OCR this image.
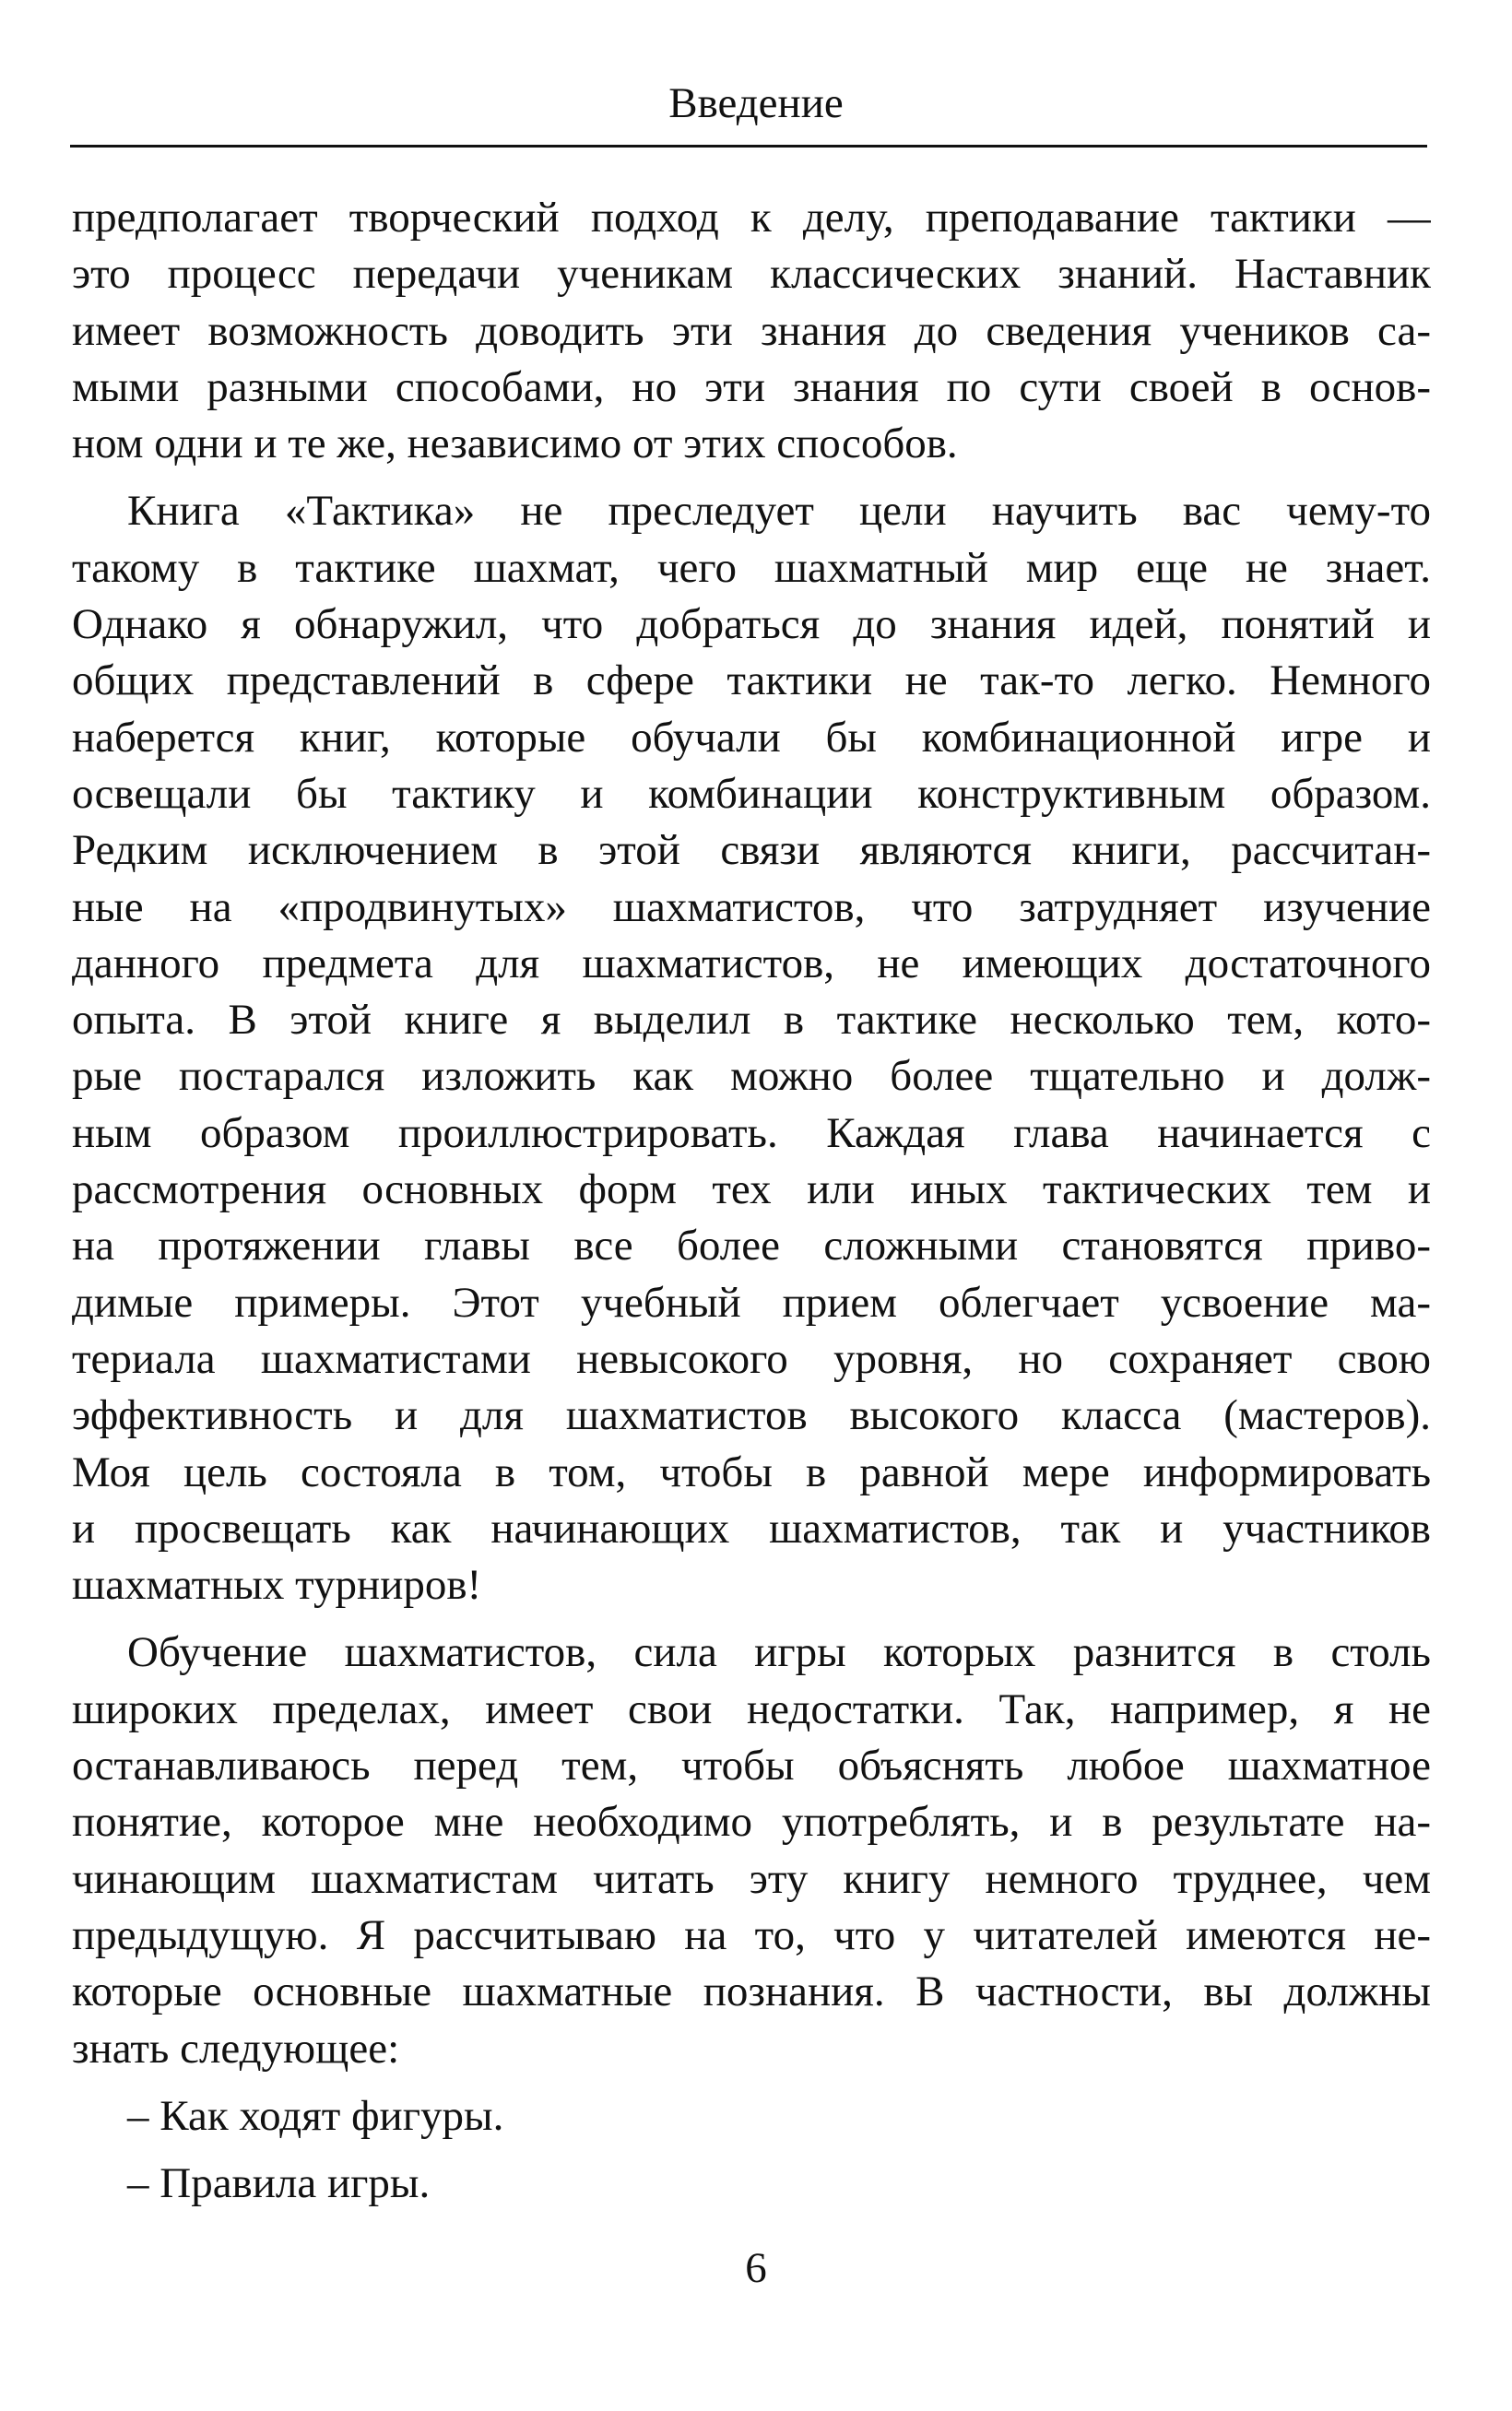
Введение
предполагает творческий подход к делу, преподавание тактики —
это процесс передачи ученикам классических знаний. Наставник
имеет возможность доводить эти знания до сведения учеников са-
мыми разными способами, но эти знания по сути своей в основ-
ном одни и те же, независимо от этих способов.
Книга «Тактика» не преследует цели научить вас чему-то
такому в тактике шахмат, чего шахматный мир еще не знает.
Однако я обнаружил, что добраться до знания идей, понятий и
общих представлений в сфере тактики не так-то легко. Немного
наберется книг, которые обучали бы комбинационной игре и
освещали бы тактику и комбинации конструктивным образом.
Редким исключением в этой связи являются книги, рассчитан-
ные на «продвинутых» шахматистов, что затрудняет изучение
данного предмета для шахматистов, не имеющих достаточного
опыта. В этой книге я выделил в тактике несколько тем, кото-
рые постарался изложить как можно более тщательно и долж-
ным образом проиллюстрировать. Каждая глава начинается с
рассмотрения основных форм тех или иных тактических тем и
на протяжении главы все более сложными становятся приво-
димые примеры. Этот учебный прием облегчает усвоение ма-
териала шахматистами невысокого уровня, но сохраняет свою
эффективность и для шахматистов высокого класса (мастеров).
Моя цель состояла в том, чтобы в равной мере информировать
и просвещать как начинающих шахматистов, так и участников
шахматных турниров!
Обучение шахматистов, сила игры которых разнится в столь
широких пределах, имеет свои недостатки. Так, например, я не
останавливаюсь перед тем, чтобы объяснять любое шахматное
понятие, которое мне необходимо употреблять, и в результате на-
чинающим шахматистам читать эту книгу немного труднее, чем
предыдущую. Я рассчитываю на то, что у читателей имеются не-
которые основные шахматные познания. В частности, вы должны
знать следующее:
– Как ходят фигуры.
– Правила игры.
6
